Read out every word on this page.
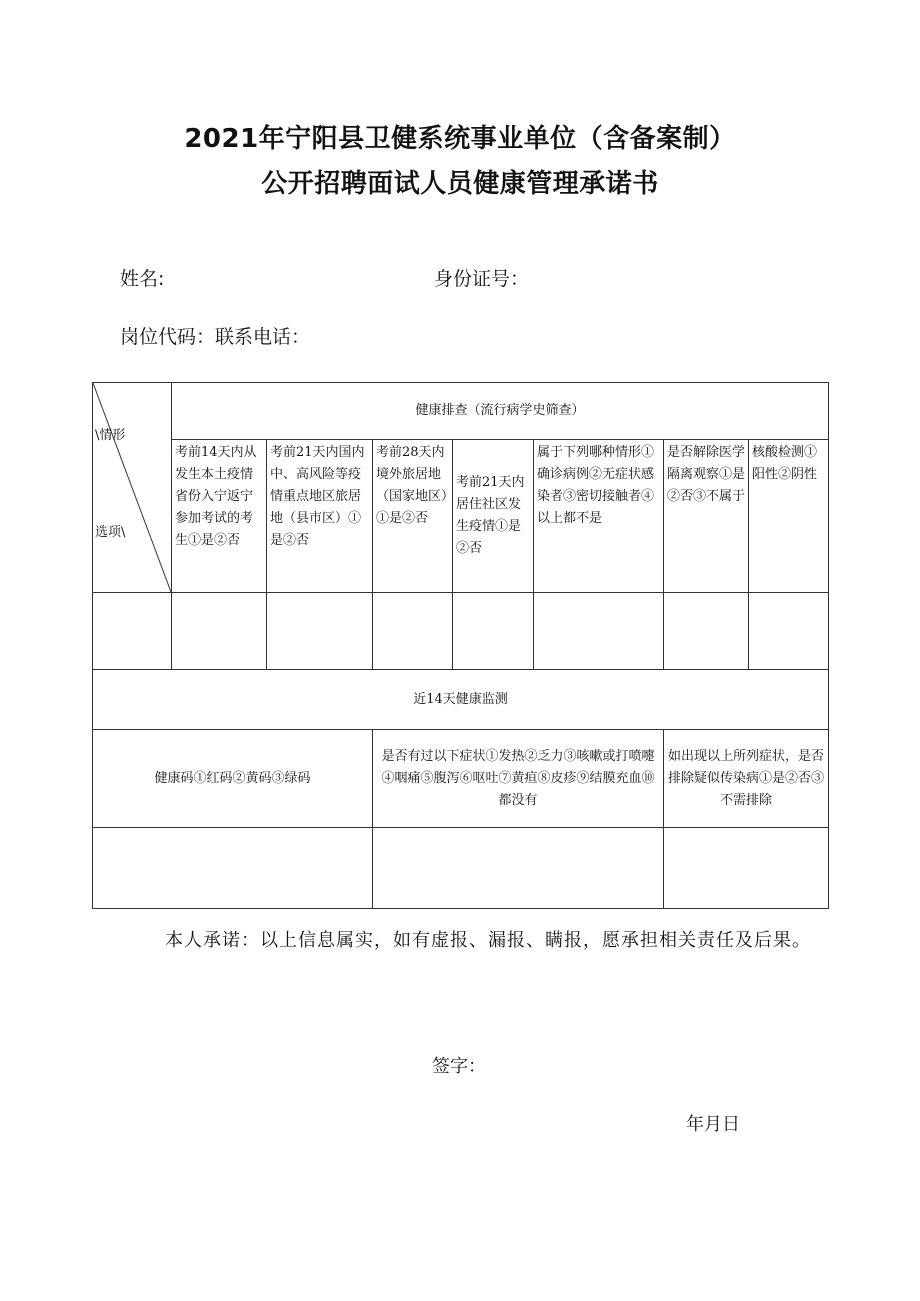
2021年宁阳县卫健系统事业单位（含备案制）
公开招聘面试人员健康管理承诺书
姓名:	身份证号：
岗位代码：联系电话：
\情形
选项\	健康排查（流行病学史筛查）						
	考前14天内从发生本土疫情省份入宁返宁参加考试的考生①是②否	考前21天内国内中、高风险等疫情重点地区旅居地（县市区）①是②否	考前28天内境外旅居地（国家地区）①是②否	考前21天内居住社区发生疫情①是②否	属于下列哪种情形①确诊病例②无症状感染者③密切接触者④以上都不是	是否解除医学隔离观察①是②否③不属于	核酸检测①阳性②阴性

近14天健康监测							
健康码①红码②黄码③绿码			是否有过以下症状①发热②乏力③咳嗽或打喷嚏④咽痛⑤腹泻⑥呕吐⑦黄疸⑧皮疹⑨结膜充血⑩都没有			如出现以上所列症状，是否排除疑似传染病①是②否③不需排除	

本人承诺：以上信息属实，如有虚报、漏报、瞒报，愿承担相关责任及后果。
签字：
年月日
